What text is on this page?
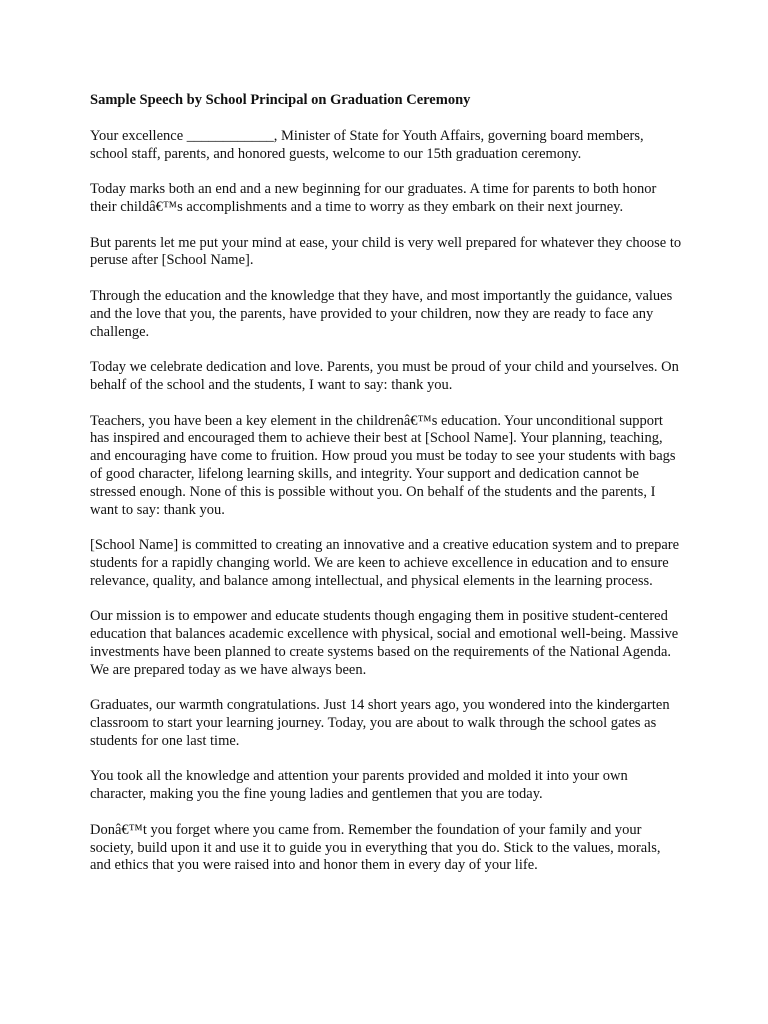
Sample Speech by School Principal on Graduation Ceremony
Your excellence ____________, Minister of State for Youth Affairs, governing board members, school staff, parents, and honored guests, welcome to our 15th graduation ceremony.
Today marks both an end and a new beginning for our graduates. A time for parents to both honor their childâ€™s accomplishments and a time to worry as they embark on their next journey.
But parents let me put your mind at ease, your child is very well prepared for whatever they choose to peruse after [School Name].
Through the education and the knowledge that they have, and most importantly the guidance, values and the love that you, the parents, have provided to your children, now they are ready to face any challenge.
Today we celebrate dedication and love. Parents, you must be proud of your child and yourselves. On behalf of the school and the students, I want to say: thank you.
Teachers, you have been a key element in the childrenâ€™s education. Your unconditional support has inspired and encouraged them to achieve their best at [School Name]. Your planning, teaching, and encouraging have come to fruition. How proud you must be today to see your students with bags of good character, lifelong learning skills, and integrity. Your support and dedication cannot be stressed enough. None of this is possible without you. On behalf of the students and the parents, I want to say: thank you.
[School Name] is committed to creating an innovative and a creative education system and to prepare students for a rapidly changing world. We are keen to achieve excellence in education and to ensure relevance, quality, and balance among intellectual, and physical elements in the learning process.
Our mission is to empower and educate students though engaging them in positive student-centered education that balances academic excellence with physical, social and emotional well-being. Massive investments have been planned to create systems based on the requirements of the National Agenda. We are prepared today as we have always been.
Graduates, our warmth congratulations. Just 14 short years ago, you wondered into the kindergarten classroom to start your learning journey. Today, you are about to walk through the school gates as students for one last time.
You took all the knowledge and attention your parents provided and molded it into your own character, making you the fine young ladies and gentlemen that you are today.
Donâ€™t you forget where you came from. Remember the foundation of your family and your society, build upon it and use it to guide you in everything that you do. Stick to the values, morals, and ethics that you were raised into and honor them in every day of your life.
